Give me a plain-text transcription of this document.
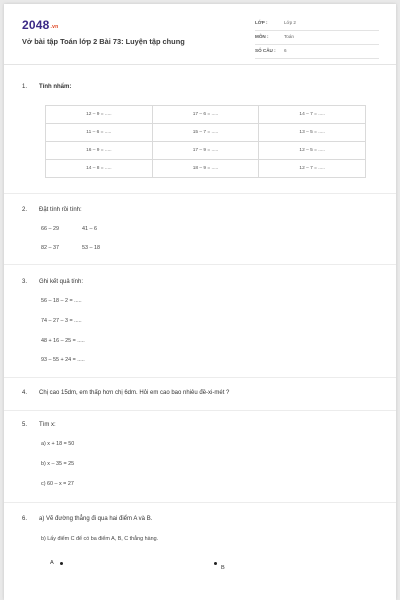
2048.vn
Vở bài tập Toán lớp 2 Bài 73: Luyện tập chung
LỚP :	Lớp 2
MÔN :	Toán
SỐ CÂU : 6
1. Tính nhẩm:
12 – 9 = .....	17 – 6 = .....	14 – 7 = .....
11 – 6 = .....	15 – 7 = .....	13 – 5 = .....
16 – 9 = .....	17 – 9 = .....	12 – 5 = .....
14 – 8 = .....	18 – 9 = .....	12 – 7 = .....
2. Đặt tính rồi tính:
66 – 29	41 – 6
82 – 37	53 – 18
3. Ghi kết quả tính:
56 – 18 – 2 = .....
74 – 27 – 3 = .....
48 + 16 – 25 = .....
93 – 55 + 24 = .....
4. Chị cao 15dm, em thấp hơn chị 6dm. Hỏi em cao bao nhiêu đề-xi-mét ?
5. Tìm x:
a) x + 18 = 50
b) x – 35 = 25
c) 60 – x = 27
6. a) Vẽ đường thẳng đi qua hai điểm A và B.
b) Lấy điểm C để có ba điểm A, B, C thẳng hàng.
A
B
